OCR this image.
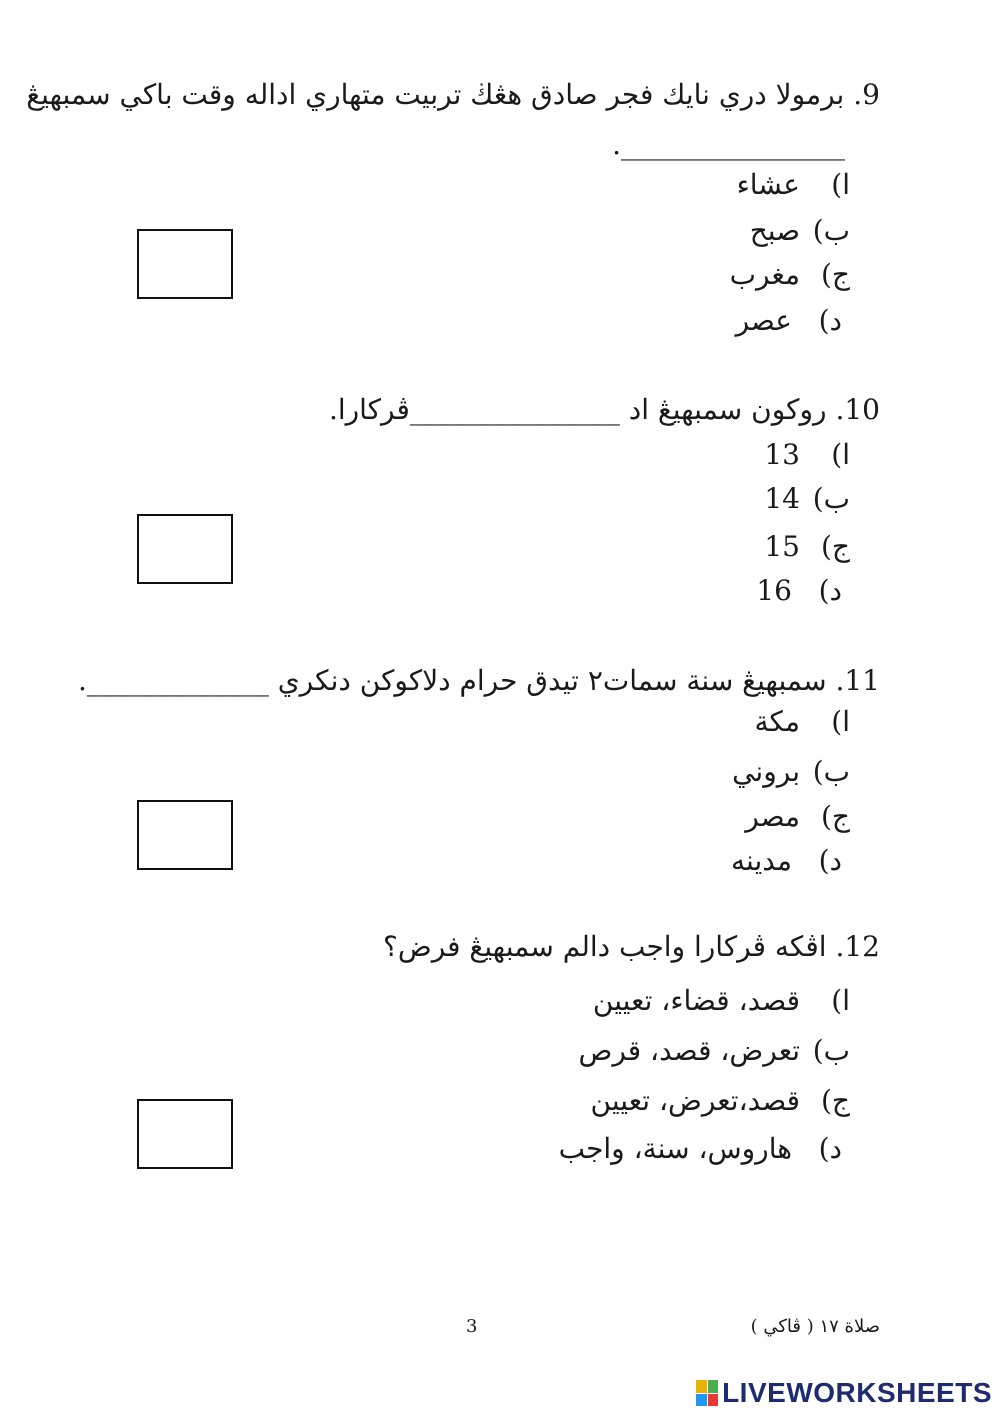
9. برمولا دري نايك فجر صادق هڠڬ تربيت متهاري اداله وقت باکي سمبهيڠ
________________.
ا)
عشاء
ب)
صبح
ج)
مغرب
د)
عصر
10. روکون سمبهيڠ اد _______________ڤرکارا.
ا)
13
ب)
14
ج)
15
د)
16
11. سمبهيڠ سنة سمات٢ تيدق حرام دلاکوکن دنکري _____________.
ا)
مكة
ب)
بروني
ج)
مصر
د)
مدينه
12. اڤکه ڤرکارا واجب دالم سمبهيڠ فرض؟
ا)
قصد، قضاء، تعيين
ب)
تعرض، قصد، قرص
ج)
قصد،تعرض، تعيين
د)
هاروس، سنة، واجب
3	صلاة ١٧ ( ڤاکي )
LIVEWORKSHEETS
